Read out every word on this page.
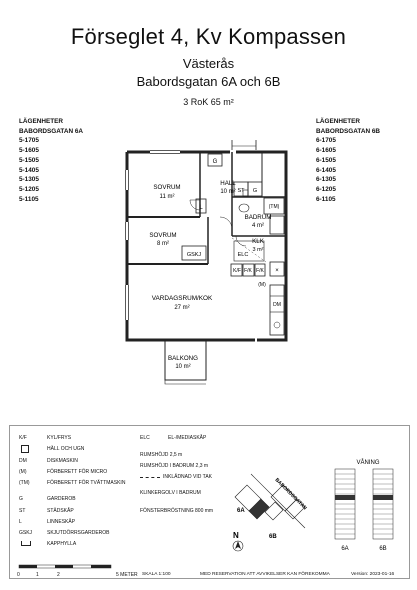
Förseglet 4, Kv Kompassen
Västerås
Babordsgatan 6A och 6B
3 RoK 65 m²
LÄGENHETER
BABORDSGATAN 6A
5-1705
5-1605
5-1505
5-1405
5-1305
5-1205
5-1105
LÄGENHETER
BABORDSGATAN 6B
6-1705
6-1605
6-1505
6-1405
6-1305
6-1205
6-1105
SOVRUM
11 m²
HALL
10 m²
BADRUM
4 m²
SOVRUM
8 m²	KLK
3 m²
VARDAGSRUM/KOK
27 m²
BALKONG
10 m²
G
ST G
L	(TM)
GSKJ	ELC
K/F F/K F/K
(M)
DM
×
K/F	KYL/FRYS
HÄLL OCH UGN
DM	DISKMASKIN
(M)	FÖRBERETT FÖR MICRO
(TM)	FÖRBERETT FÖR TVÄTTMASKIN
G	GARDEROB
ST	STÄDSKÅP
L	LINNESKÅP
GSKJ	SKJUTDÖRRSGARDEROB
KAPPHYLLA
ELC	EL-/MEDIASKÅP
RUMSHÖJD 2,5 m
RUMSHÖJD I BADRUM 2,3 m
INKLÄDNAD VID TAK
KLINKERGOLV I BADRUM
FÖNSTERBRÖSTNING 800 mm	BABORDSGATAN
6A
6B
N
VÅNING
6A	6B
0	1	2	5 METER SKALA 1:100	MED RESERVATION ATT AVVIKELSER KAN FÖREKOMMA	Version: 2023-01-16
